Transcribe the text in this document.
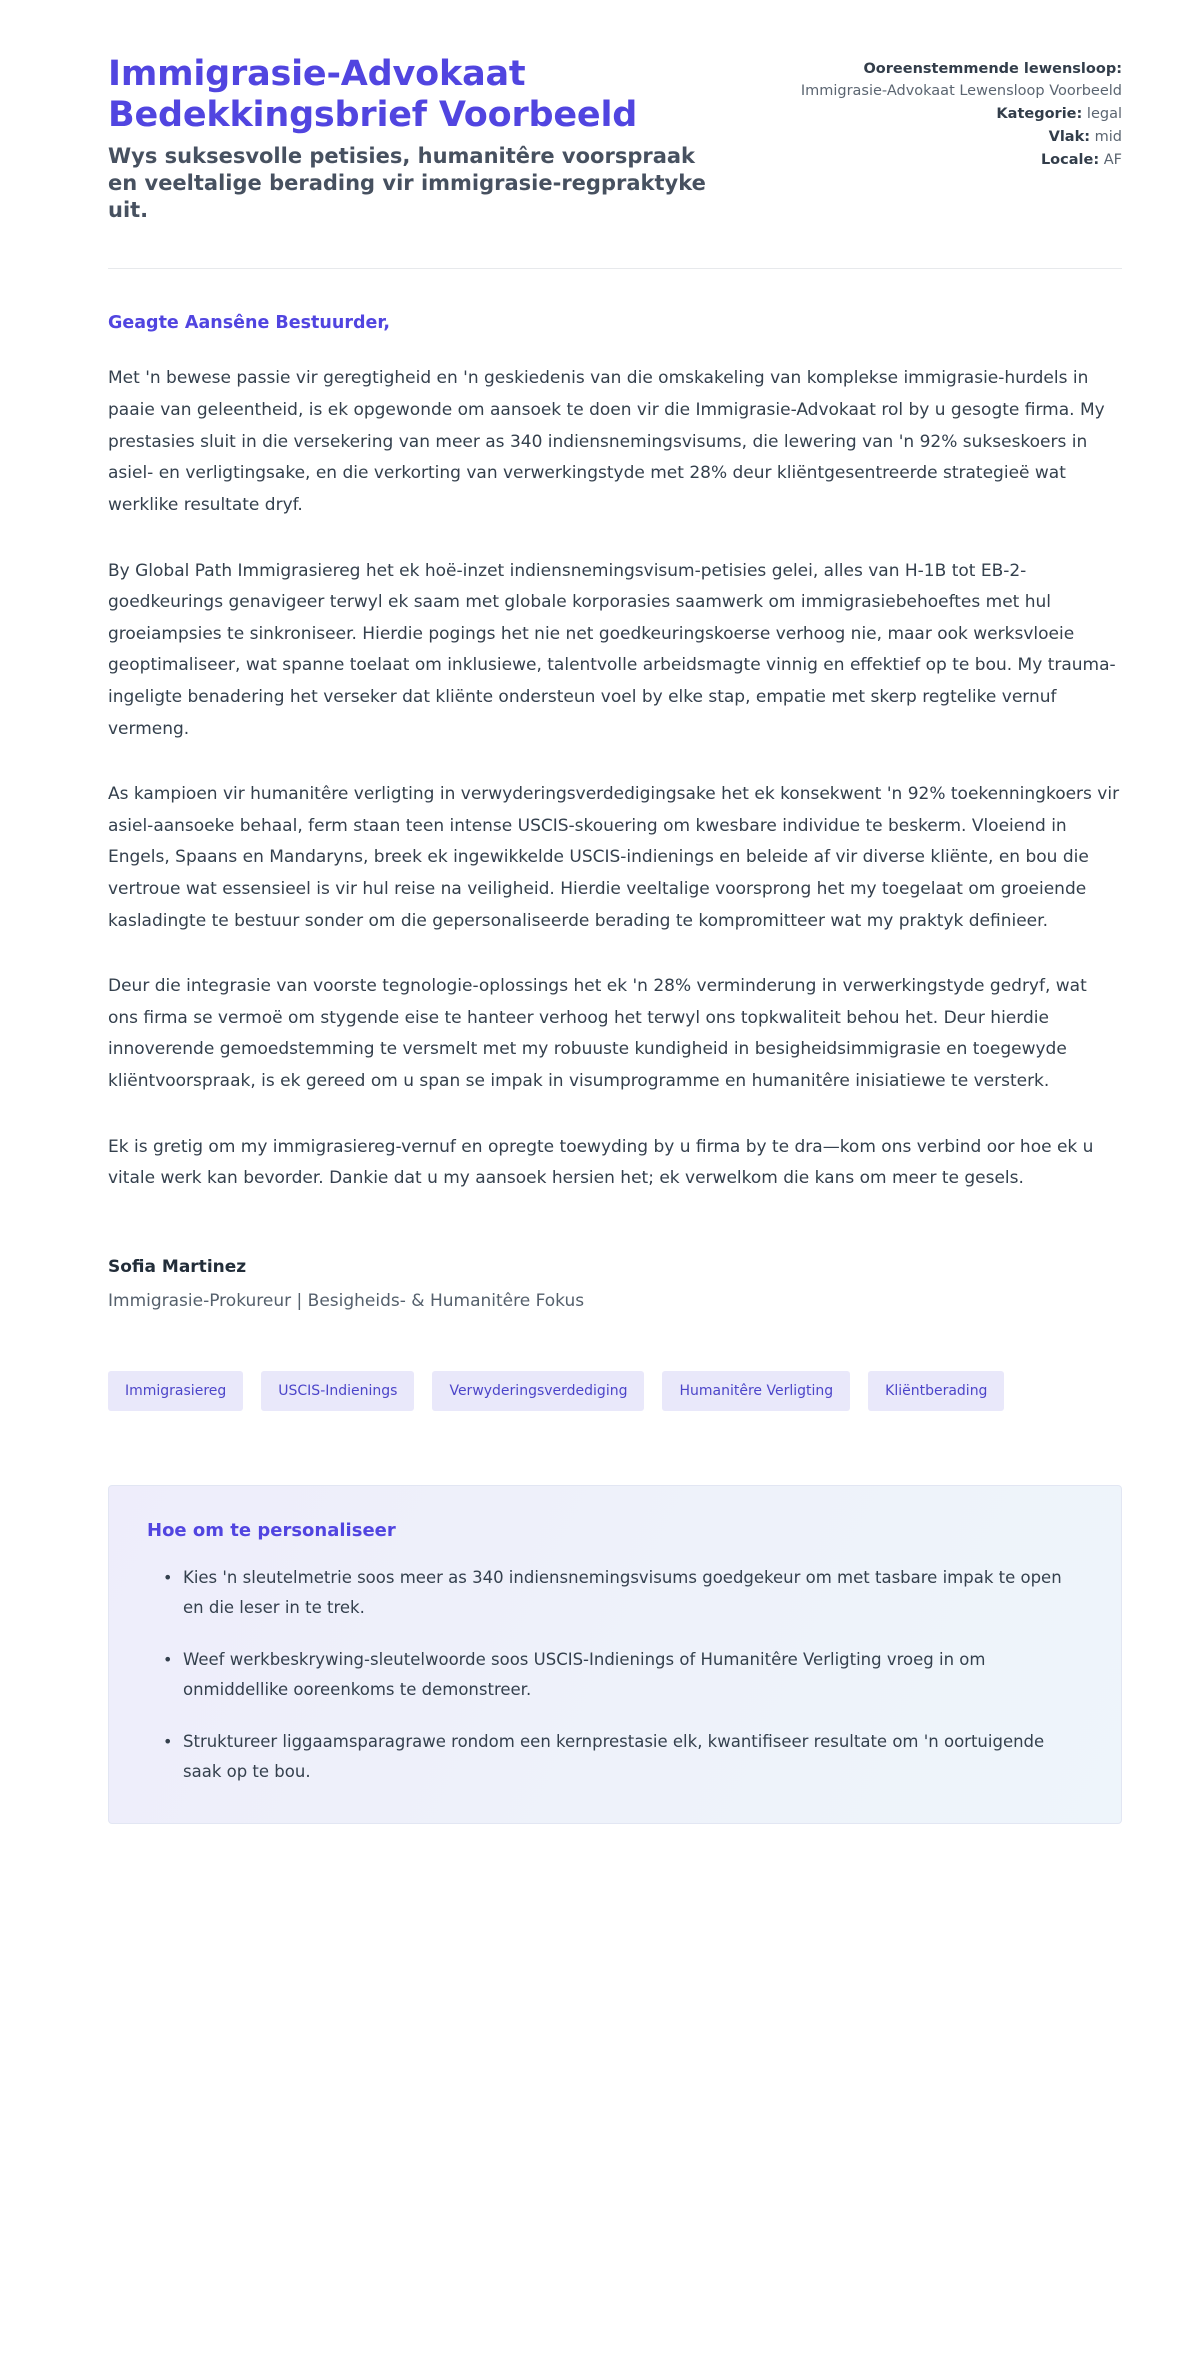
Immigrasie-Advokaat Bedekkingsbrief Voorbeeld

Wys suksesvolle petisies, humanitêre voorspraak en veeltalige berading vir immigrasie-regpraktyke uit.

Ooreenstemmende lewensloop: Immigrasie-Advokaat Lewensloop Voorbeeld

Kategorie: legal

Vlak: mid

Locale: AF

Geagte Aansêne Bestuurder,

Met 'n bewese passie vir geregtigheid en 'n geskiedenis van die omskakeling van komplekse immigrasie-hurdels in paaie van geleentheid, is ek opgewonde om aansoek te doen vir die Immigrasie-Advokaat rol by u gesogte firma. My prestasies sluit in die versekering van meer as 340 indiensnemingsvisums, die lewering van 'n 92% sukseskoers in asiel- en verligtingsake, en die verkorting van verwerkingstyde met 28% deur kliëntgesentreerde strategieë wat werklike resultate dryf.

By Global Path Immigrasiereg het ek hoë-inzet indiensnemingsvisum-petisies gelei, alles van H-1B tot EB-2-goedkeurings genavigeer terwyl ek saam met globale korporasies saamwerk om immigrasiebehoeftes met hul groeiampsies te sinkroniseer. Hierdie pogings het nie net goedkeuringskoerse verhoog nie, maar ook werksvloeie geoptimaliseer, wat spanne toelaat om inklusiewe, talentvolle arbeidsmagte vinnig en effektief op te bou. My trauma-ingeligte benadering het verseker dat kliënte ondersteun voel by elke stap, empatie met skerp regtelike vernuf vermeng.

As kampioen vir humanitêre verligting in verwyderingsverdedigingsake het ek konsekwent 'n 92% toekenningkoers vir asiel-aansoeke behaal, ferm staan teen intense USCIS-skouering om kwesbare individue te beskerm. Vloeiend in Engels, Spaans en Mandaryns, breek ek ingewikkelde USCIS-indienings en beleide af vir diverse kliënte, en bou die vertroue wat essensieel is vir hul reise na veiligheid. Hierdie veeltalige voorsprong het my toegelaat om groeiende kasladingte te bestuur sonder om die gepersonaliseerde berading te kompromitteer wat my praktyk definieer.

Deur die integrasie van voorste tegnologie-oplossings het ek 'n 28% verminderung in verwerkingstyde gedryf, wat ons firma se vermoë om stygende eise te hanteer verhoog het terwyl ons topkwaliteit behou het. Deur hierdie innoverende gemoedstemming te versmelt met my robuuste kundigheid in besigheidsimmigrasie en toegewyde kliëntvoorspraak, is ek gereed om u span se impak in visumprogramme en humanitêre inisiatiewe te versterk.

Ek is gretig om my immigrasiereg-vernuf en opregte toewyding by u firma by te dra—kom ons verbind oor hoe ek u vitale werk kan bevorder. Dankie dat u my aansoek hersien het; ek verwelkom die kans om meer te gesels.

Sofia Martinez

Immigrasie-Prokureur | Besigheids- & Humanitêre Fokus

Immigrasiereg	USCIS-Indienings	Verwyderingsverdediging	Humanitêre Verligting	Kliëntberading
Hoe om te personaliseer
• Kies 'n sleutelmetrie soos meer as 340 indiensnemingsvisums goedgekeur om met tasbare impak te open en die leser in te trek.
• Weef werkbeskrywing-sleutelwoorde soos USCIS-Indienings of Humanitêre Verligting vroeg in om onmiddellike ooreenkoms te demonstreer.
• Struktureer liggaamsparagrawe rondom een kernprestasie elk, kwantifiseer resultate om 'n oortuigende saak op te bou.
